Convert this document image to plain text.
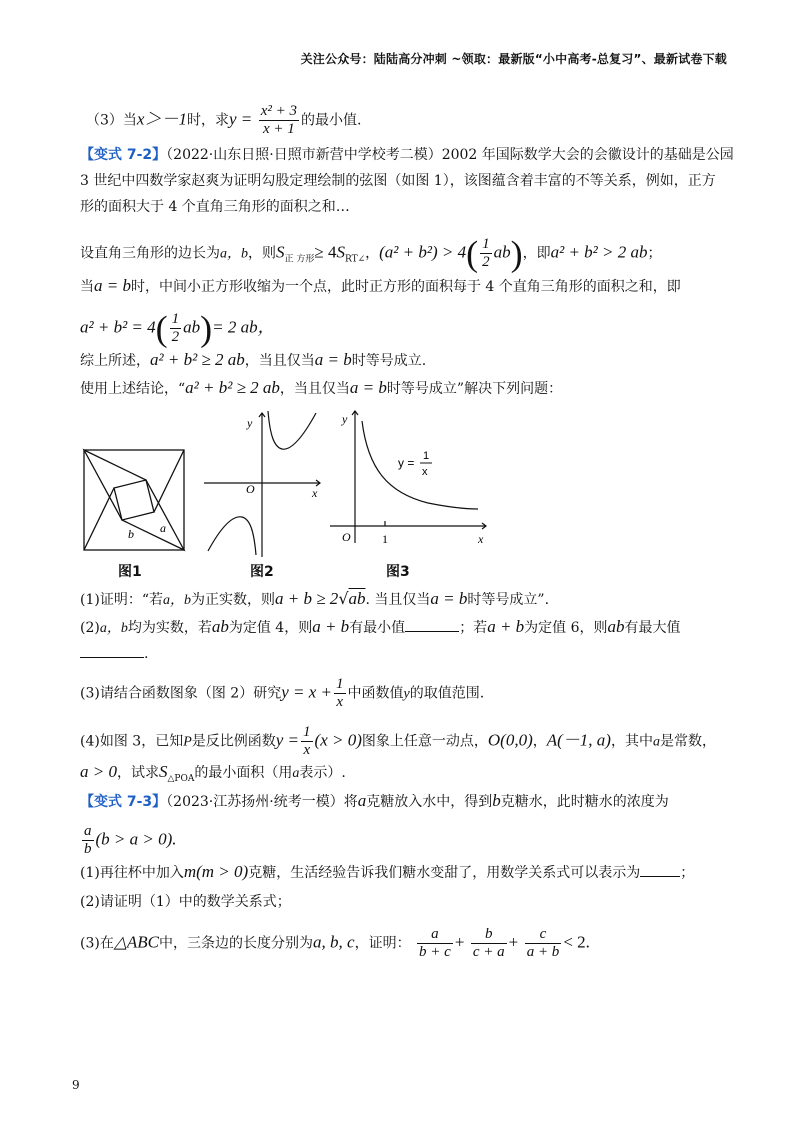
关注公众号：陆陆高分冲刺 ~领取：最新版“小中高考-总复习”、最新试卷下载
（3）当x＞－1时，求$y = \frac{\text{x² + 3}}{x + 1}$ 的最小值.
【变式 7-2】（2022·山东日照·日照市新营中学校考二模）2002 年国际数学大会的会徽设计的基础是公园
3 世纪中四数学家赵爽为证明勾股定理绘制的弦图（如图 1），该图蕴含着丰富的不等关系，例如，正方
形的面积大于 4 个直角三角形的面积之和…
设直角三角形的边长为a，b，则$S_{正 方形}\ge 4S_{RT\angle}$，$(a^2 + b^2) > 4( \frac{1}{2} ab)$，即a² + b² > 2 ab；
当a = b时，中间小正方形收缩为一个点，此时正方形的面积每于 4 个直角三角形的面积之和，即
$a^2 + b^2 = 4( \frac{1}{2} ab)= 2$ ab，
综上所述，a² + b² ≥ 2 ab，当且仅当a = b时等号成立.
使用上述结论，“a² + b² ≥ 2 ab，当且仅当a = b时等号成立”解决下列问题：
b a
图1
y
x
O
图2
y
x
O	1
y = 1
x
图3
(1)证明：“若a，b为正实数，则a + b ≥ 2√ab. 当且仅当a = b时等号成立”.
(2)a，b均为实数，若ab为定值 4，则a + b有最小值	；若a + b为定值 6，则ab有最大值
.
(3)请结合函数图象（图 2）研究$y = x + \frac{1}{x}$ 中函数值y的取值范围.
(4)如图 3，已知P是反比例函数$y = \frac{1}{x} (x > 0)$图象上任意一动点，O(0,0)，A(－1, a)，其中a是常数，
a > 0，试求$S_{\triangle POA}$的最小面积（用a表示）.
【变式 7-3】（2023·江苏扬州·统考一模）将a克糖放入水中，得到b克糖水，此时糖水的浓度为
$\frac{a}{b} (b > a > 0)$.
(1)再往杯中加入m(m > 0)克糖，生活经验告诉我们糖水变甜了，用数学关系式可以表示为	；
(2)请证明（1）中的数学关系式；
(3)在△ABC中，三条边的长度分别为a, b, c，证明： $\frac{a}{b + c} + \frac{b}{c + a} + \frac{c}{a + b} < 2$.
9
